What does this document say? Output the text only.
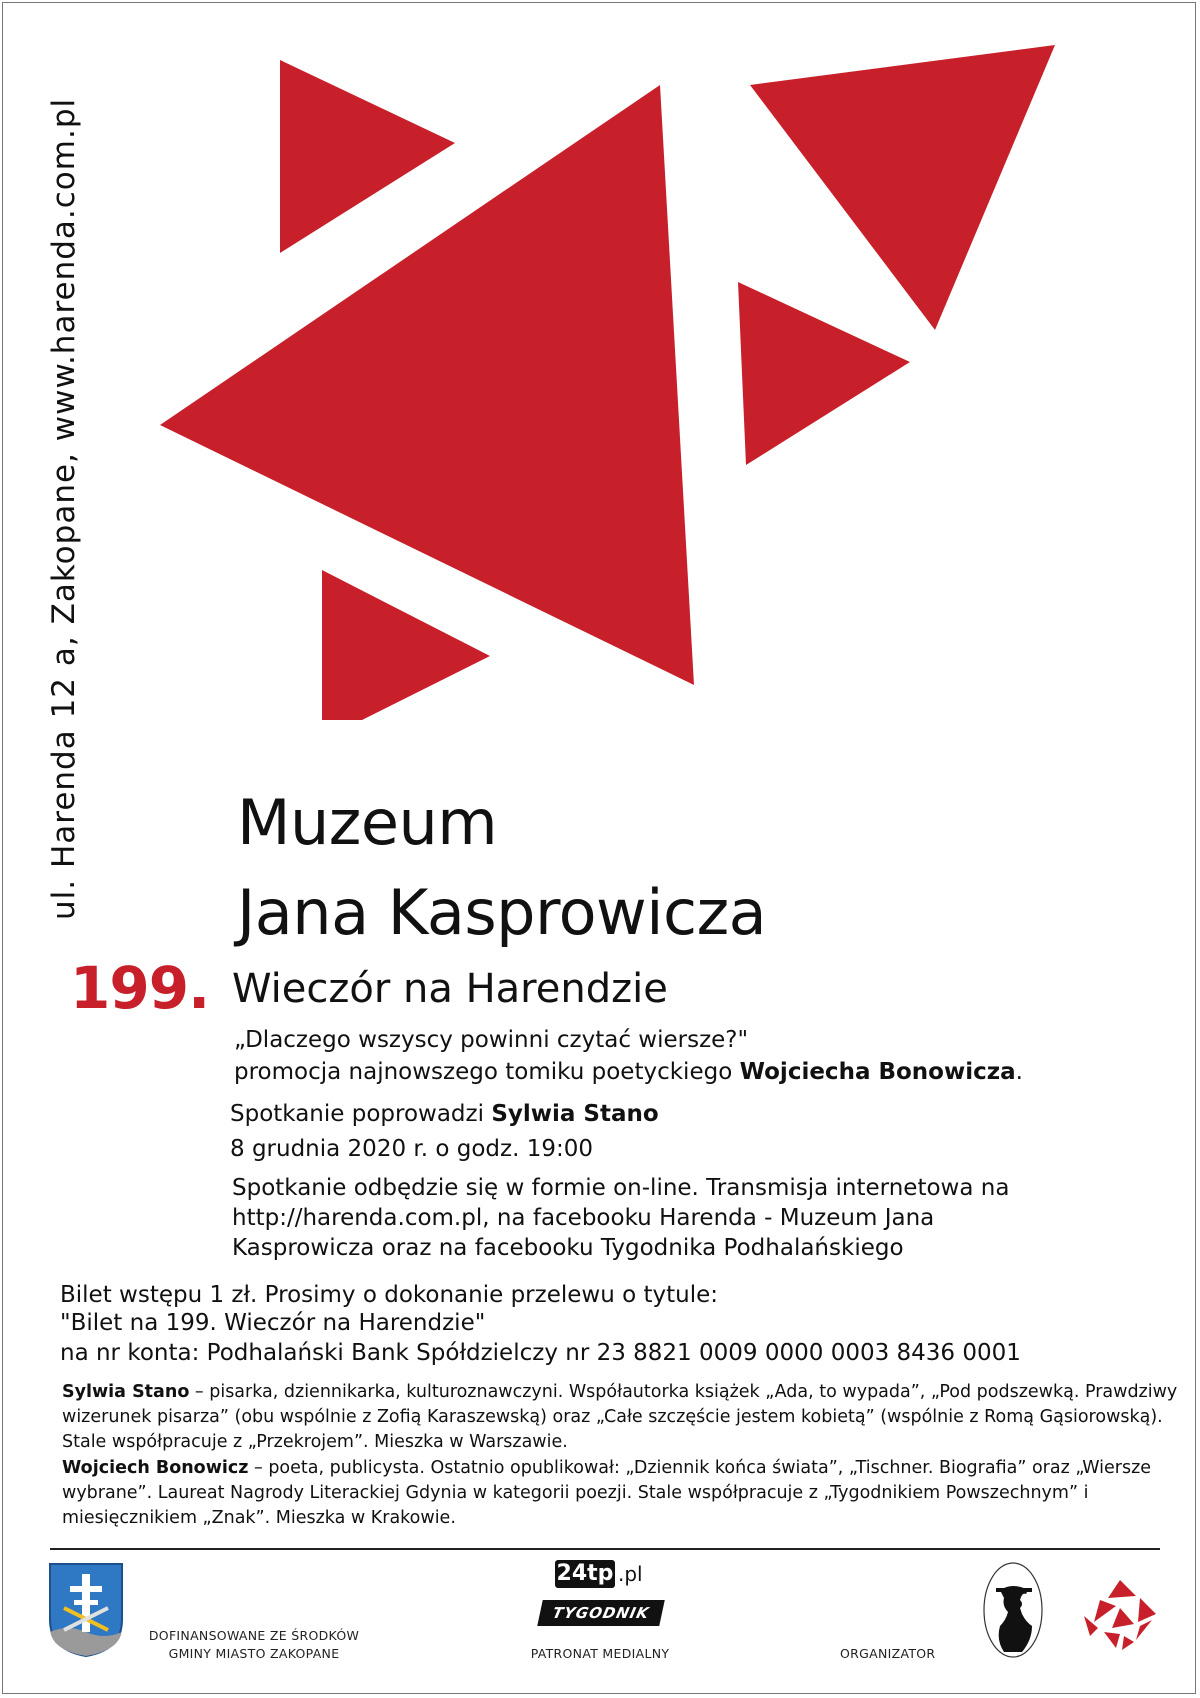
ul. Harenda 12 a, Zakopane, www.harenda.com.pl	Muzeum
Jana Kasprowicza
199. Wieczór na Harendzie
„Dlaczego wszyscy powinni czytać wiersze?"
promocja najnowszego tomiku poetyckiego Wojciecha Bonowicza.
Spotkanie poprowadzi Sylwia Stano
8 grudnia 2020 r. o godz. 19:00
Spotkanie odbędzie się w formie on-line. Transmisja internetowa na
http://harenda.com.pl, na facebooku Harenda - Muzeum Jana
Kasprowicza oraz na facebooku Tygodnika Podhalańskiego
Bilet wstępu 1 zł. Prosimy o dokonanie przelewu o tytule:
"Bilet na 199. Wieczór na Harendzie"
na nr konta: Podhalański Bank Spółdzielczy nr 23 8821 0009 0000 0003 8436 0001
Sylwia Stano – pisarka, dziennikarka, kulturoznawczyni. Współautorka książek „Ada, to wypada”, „Pod podszewką. Prawdziwy wizerunek pisarza” (obu wspólnie z Zofią Karaszewską) oraz „Całe szczęście jestem kobietą” (wspólnie z Romą Gąsiorowską). Stale współpracuje z „Przekrojem”. Mieszka w Warszawie.
Wojciech Bonowicz – poeta, publicysta. Ostatnio opublikował: „Dziennik końca świata”, „Tischner. Biografia” oraz „Wiersze wybrane”. Laureat Nagrody Literackiej Gdynia w kategorii poezji. Stale współpracuje z „Tygodnikiem Powszechnym” i miesięcznikiem „Znak”. Mieszka w Krakowie.
DOFINANSOWANE ZE ŚRODKÓW
GMINY MIASTO ZAKOPANE
24tp .pl
TYGODNIK
PATRONAT MEDIALNY	ORGANIZATOR
